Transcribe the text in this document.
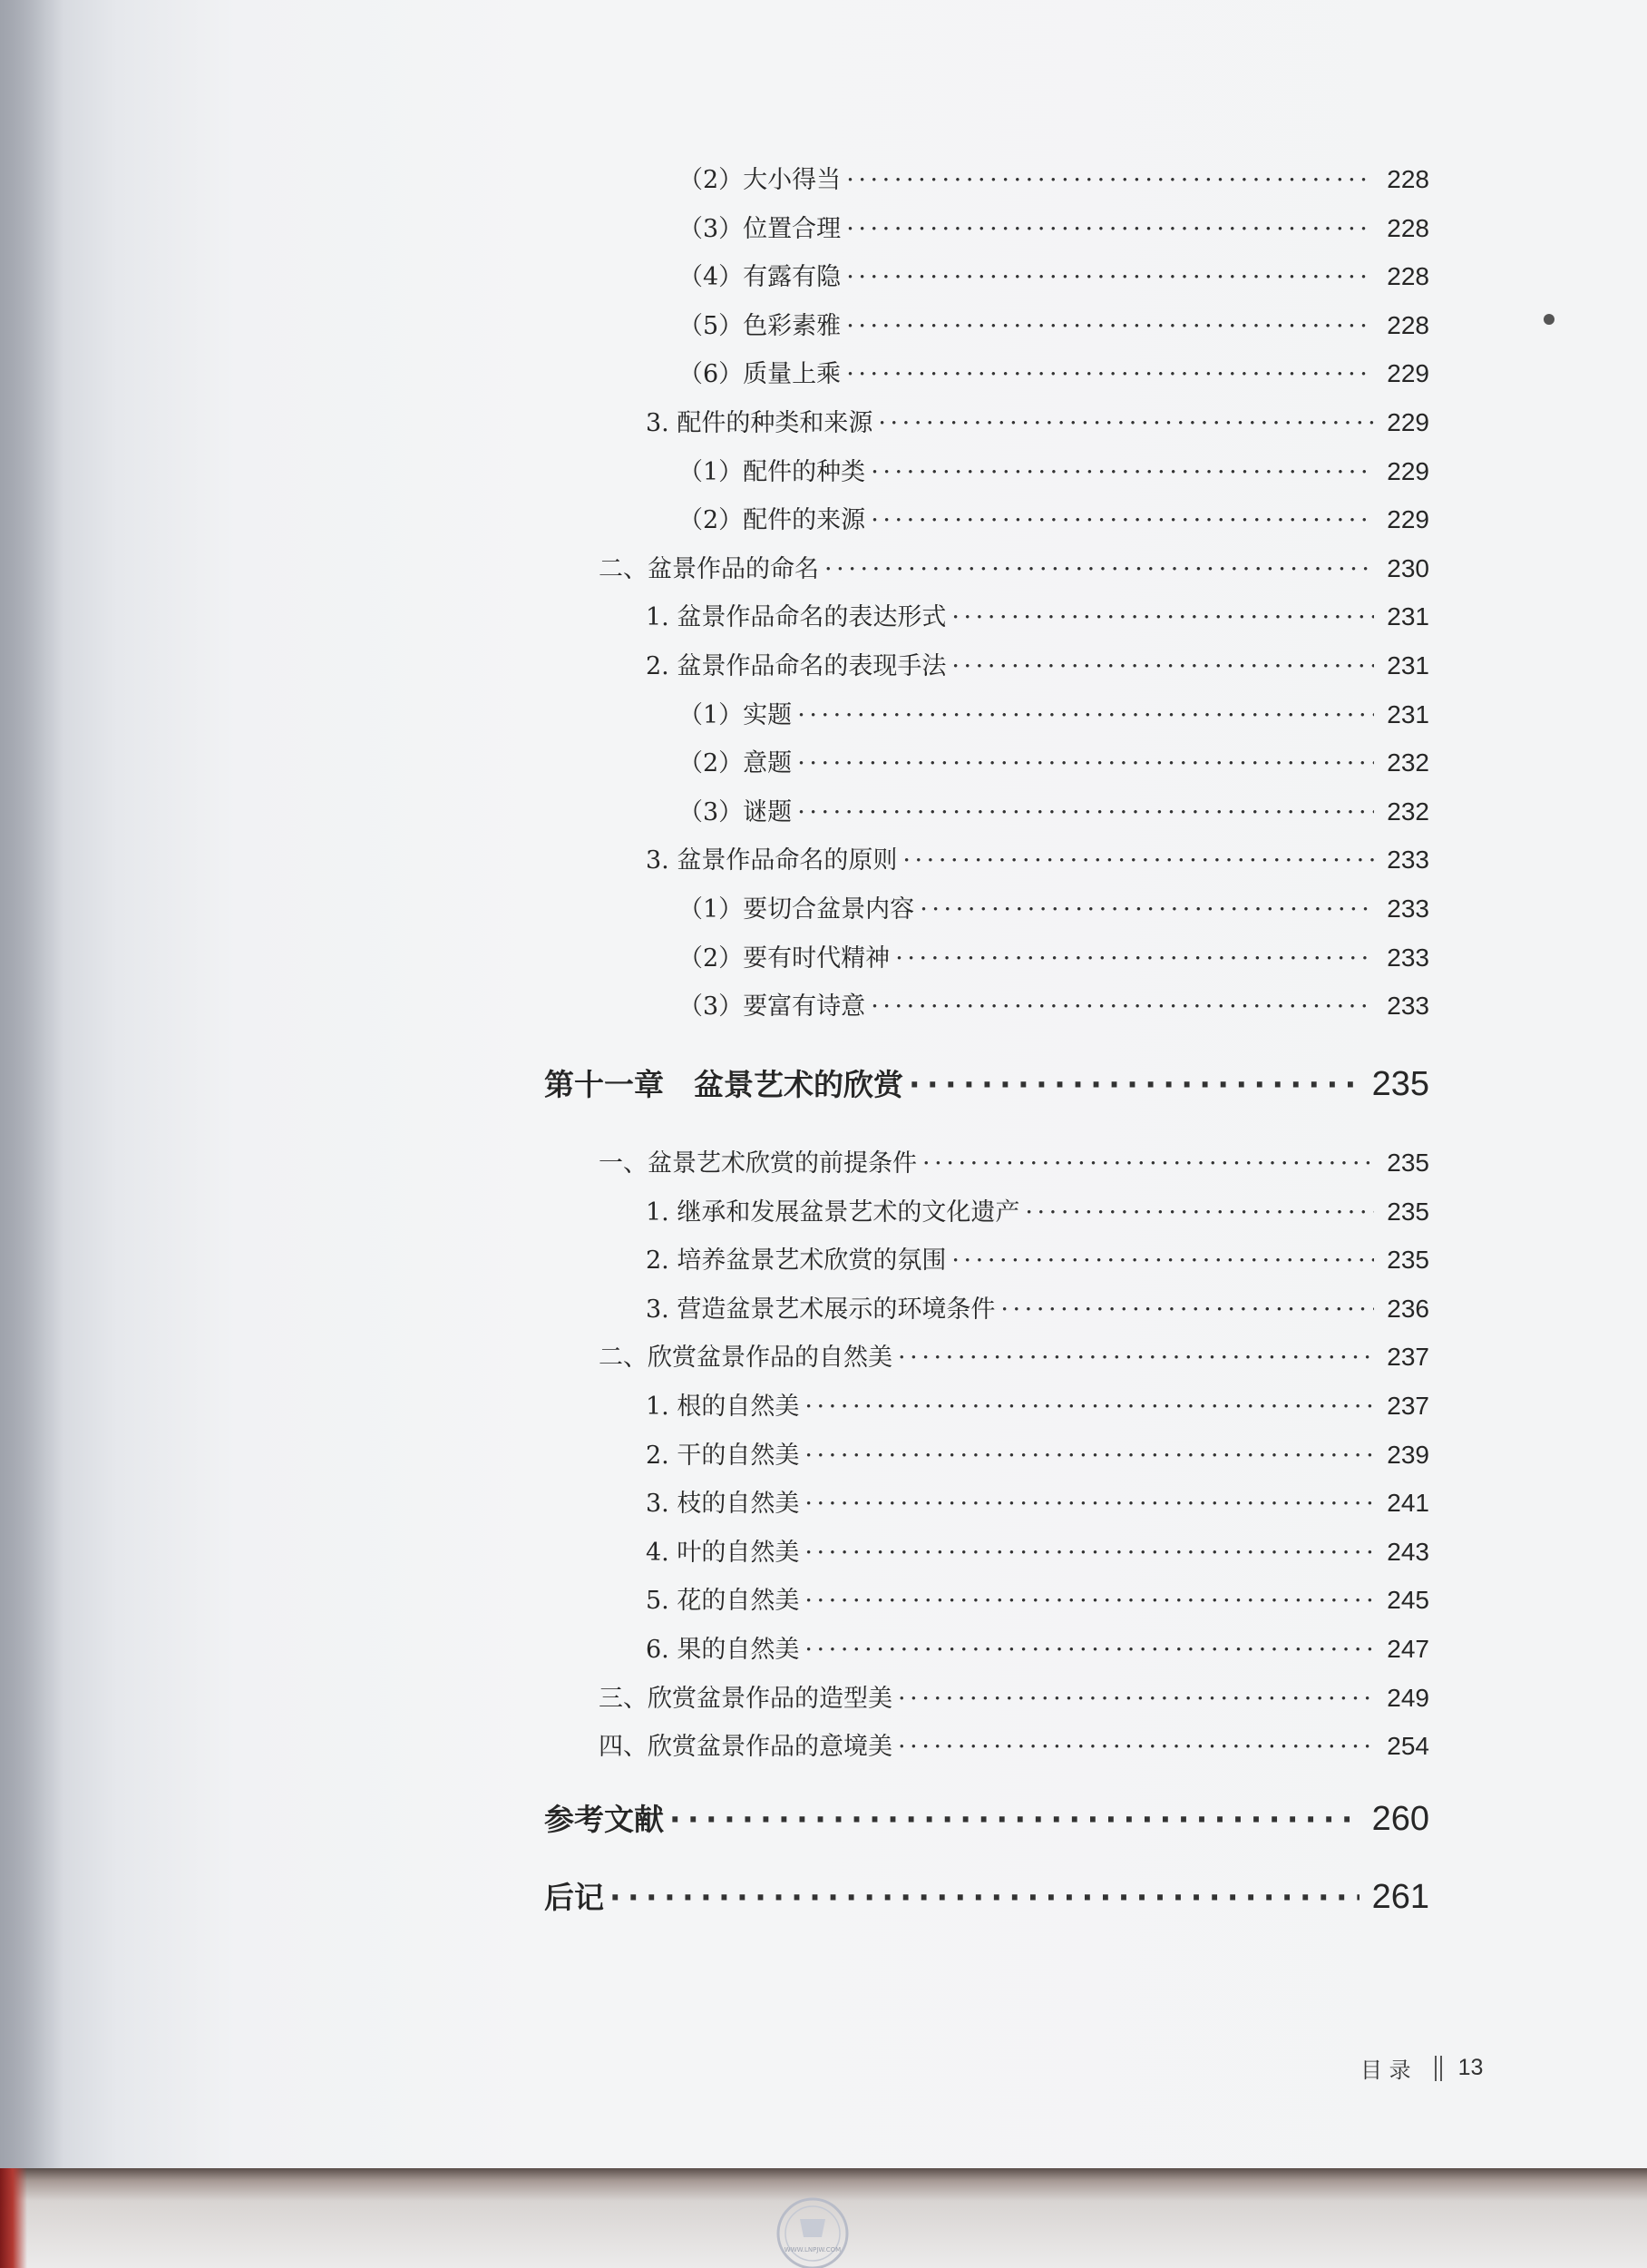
（2）大小得当 · · ·	228
（3）位置合理 · · ·	228
（4）有露有隐 · · ·	228
（5）色彩素雅 · · ·	228
（6）质量上乘 · · ·	229
3. 配件的种类和来源 · · ·	229
（1）配件的种类 · · ·	229
（2）配件的来源 · · ·	229
二、盆景作品的命名 · · ·	230
1. 盆景作品命名的表达形式 · · ·	231
2. 盆景作品命名的表现手法 · · ·	231
（1）实题 · · ·	231
（2）意题 · · ·	232
（3）谜题 · · ·	232
3. 盆景作品命名的原则 · · ·	233
（1）要切合盆景内容 · · ·	233
（2）要有时代精神 · · ·	233
（3）要富有诗意 · · ·	233
第十一章　盆景艺术的欣赏 · · ·	235
一、盆景艺术欣赏的前提条件 · · ·	235
1. 继承和发展盆景艺术的文化遗产 · · ·	235
2. 培养盆景艺术欣赏的氛围 · · ·	235
3. 营造盆景艺术展示的环境条件 · · ·	236
二、欣赏盆景作品的自然美 · · ·	237
1. 根的自然美 · · ·	237
2. 干的自然美 · · ·	239
3. 枝的自然美 · · ·	241
4. 叶的自然美 · · ·	243
5. 花的自然美 · · ·	245
6. 果的自然美 · · ·	247
三、欣赏盆景作品的造型美 · · ·	249
四、欣赏盆景作品的意境美 · · ·	254
参考文献 · · ·	260
后记 · · ·	261
目 录 13
WWW.LNPJW.COM
